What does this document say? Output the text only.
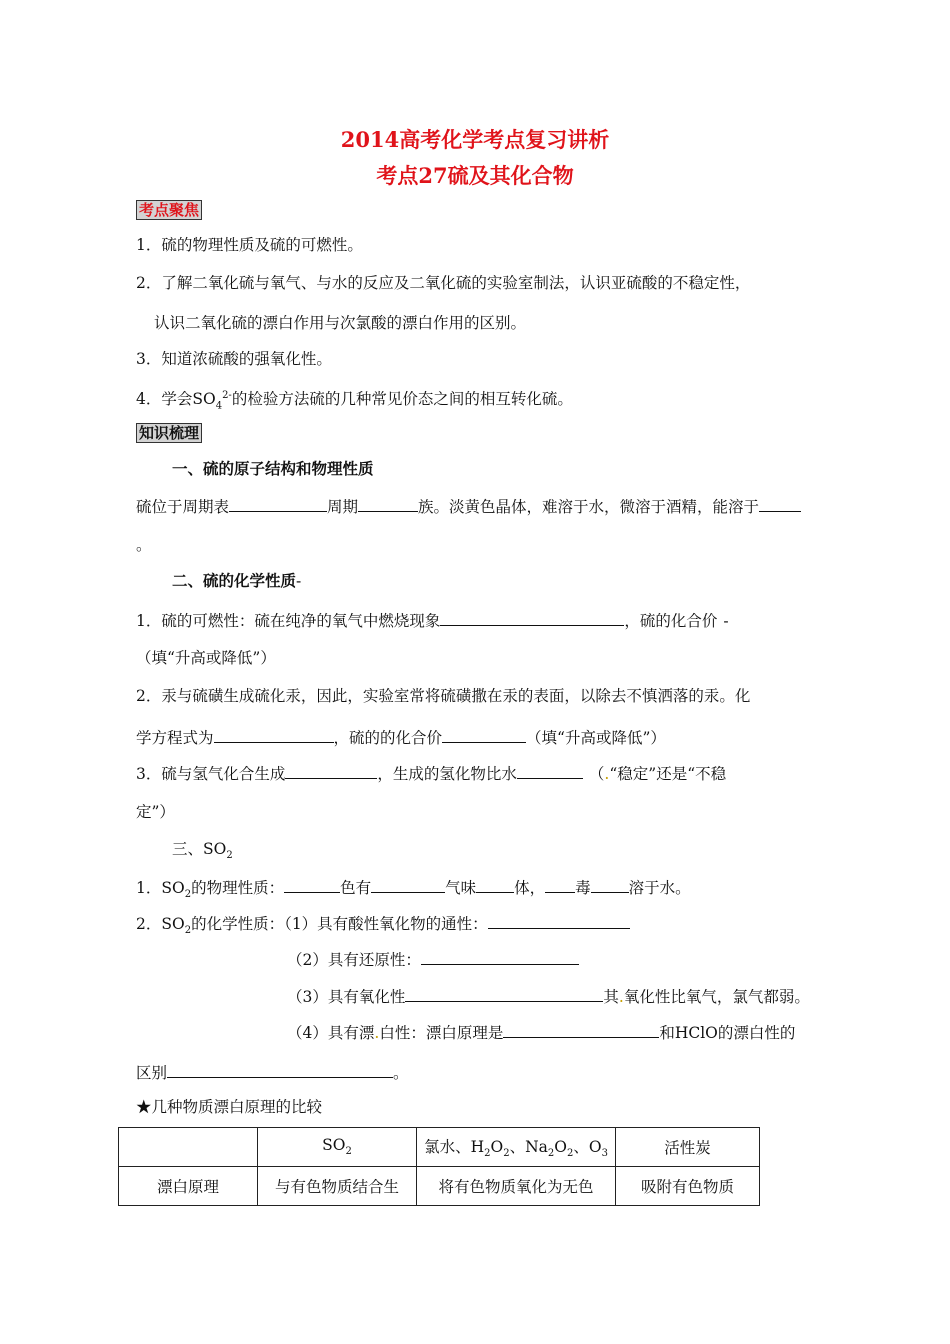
2014高考化学考点复习讲析
考点27硫及其化合物
考点聚焦
1．硫的物理性质及硫的可燃性。
2．了解二氧化硫与氧气、与水的反应及二氧化硫的实验室制法，认识亚硫酸的不稳定性，
认识二氧化硫的漂白作用与次氯酸的漂白作用的区别。
3．知道浓硫酸的强氧化性。
4．学会$SO_4^{2-}$的检验方法硫的几种常见价态之间的相互转化硫。
知识梳理
一、硫的原子结构和物理性质
硫位于周期表	周期	族。淡黄色晶体，难溶于水，微溶于酒精，能溶于
。
二、硫的化学性质-
1．硫的可燃性：硫在纯净的氧气中燃烧现象	，硫的化合价 -
（填“升高或降低”）
2．汞与硫磺生成硫化汞，因此，实验室常将硫磺撒在汞的表面，以除去不慎洒落的汞。化
学方程式为	，硫的的化合价	（填“升高或降低”）
3．硫与氢气化合生成	，生成的氢化物比水	（.“稳定”还是“不稳
定”）
三、$SO_2$
1．$SO_2$的物理性质：	色有	气味 体， 毒 溶于水。
2．$SO_2$的化学性质：（1）具有酸性氧化物的通性：
（2）具有还原性：
（3）具有氧化性	其.氧化性比氧气，氯气都弱。
（4）具有漂.白性：漂白原理是	和HClO的漂白性的
区别	。
★几种物质漂白原理的比较
	$SO_2$	氯水、$H_2O_2$、$Na_2O_2$、$O_3$	活性炭
漂白原理	与有色物质结合生	将有色物质氧化为无色	吸附有色物质
